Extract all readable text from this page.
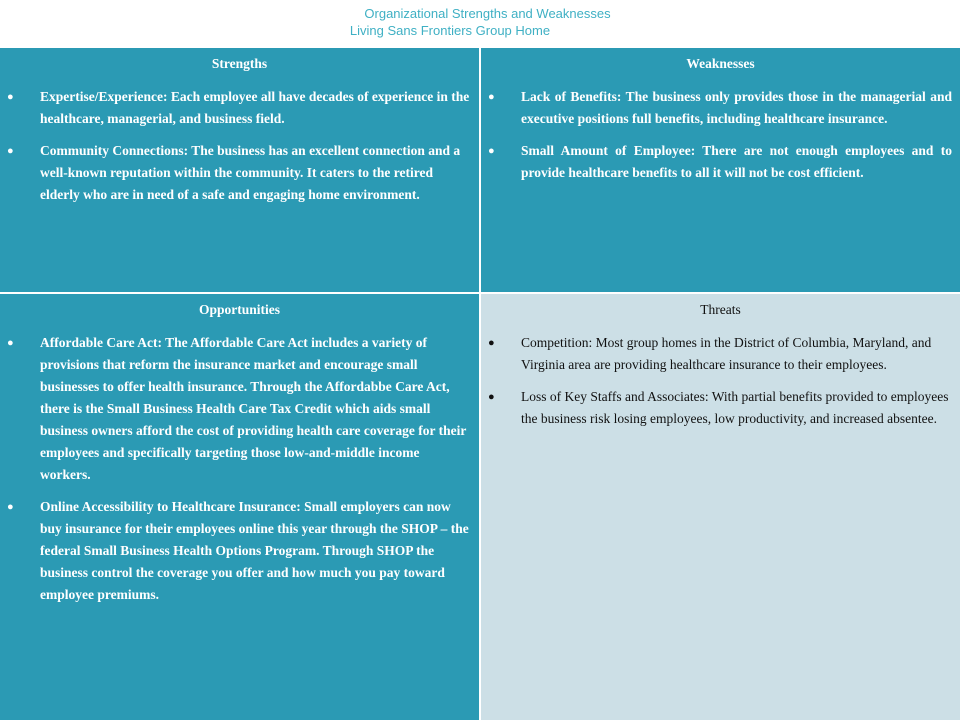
Organizational Strengths and Weaknesses
Living Sans Frontiers Group Home
Strengths
● Expertise/Experience: Each employee all have decades of experience in the healthcare, managerial, and business field.
● Community Connections: The business has an excellent connection and a well-known reputation within the community. It caters to the retired elderly who are in need of a safe and engaging home environment.
Weaknesses
● Lack of Benefits: The business only provides those in the managerial and executive positions full benefits, including healthcare insurance.
● Small Amount of Employee: There are not enough employees and to provide healthcare benefits to all it will not be cost efficient.
Opportunities
● Affordable Care Act: The Affordable Care Act includes a variety of provisions that reform the insurance market and encourage small businesses to offer health insurance. Through the Affordabbe Care Act, there is the Small Business Health Care Tax Credit which aids small business owners afford the cost of providing health care coverage for their employees and specifically targeting those low-and-middle income workers.
● Online Accessibility to Healthcare Insurance: Small employers can now buy insurance for their employees online this year through the SHOP – the federal Small Business Health Options Program. Through SHOP the business control the coverage you offer and how much you pay toward employee premiums.
Threats
● Competition: Most group homes in the District of Columbia, Maryland, and Virginia area are providing healthcare insurance to their employees.
● Loss of Key Staffs and Associates: With partial benefits provided to employees the business risk losing employees, low productivity, and increased absentee.
